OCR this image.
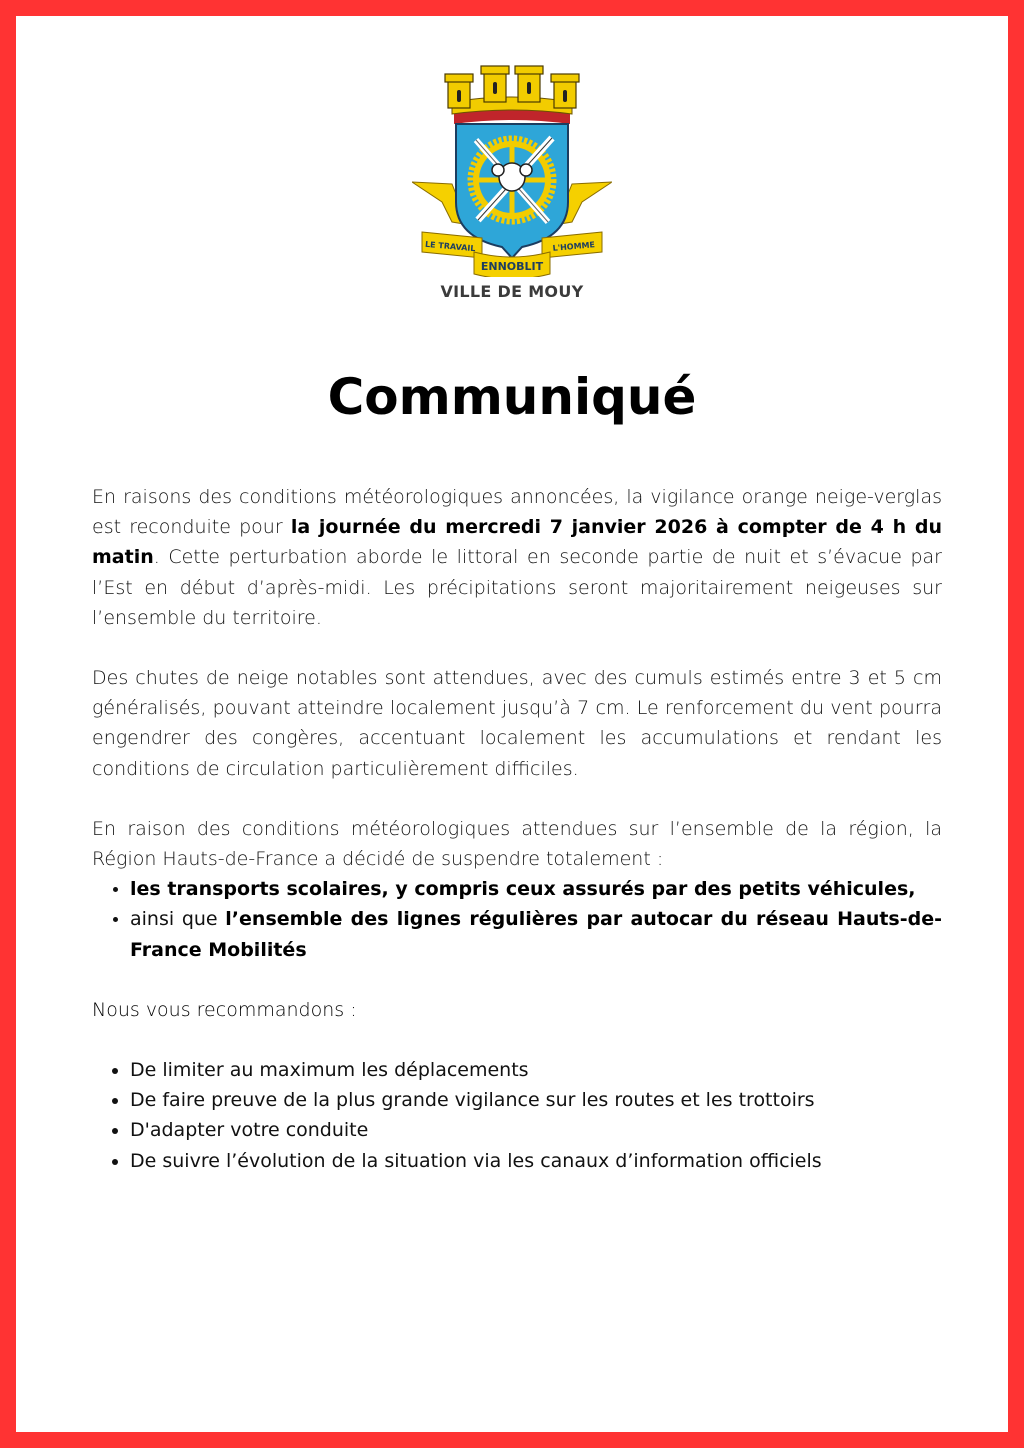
LE TRAVAIL	L'HOMME
ENNOBLIT
VILLE DE MOUY
Communiqué

En raisons des conditions météorologiques annoncées, la vigilance orange neige-verglas est reconduite pour la journée du mercredi 7 janvier 2026 à compter de 4 h du matin. Cette perturbation aborde le littoral en seconde partie de nuit et s’évacue par l’Est en début d’après-midi. Les précipitations seront majoritairement neigeuses sur l’ensemble du territoire.

Des chutes de neige notables sont attendues, avec des cumuls estimés entre 3 et 5 cm généralisés, pouvant atteindre localement jusqu’à 7 cm. Le renforcement du vent pourra engendrer des congères, accentuant localement les accumulations et rendant les conditions de circulation particulièrement difficiles.

En raison des conditions météorologiques attendues sur l’ensemble de la région, la Région Hauts-de-France a décidé de suspendre totalement :

• les transports scolaires, y compris ceux assurés par des petits véhicules,
• ainsi que l’ensemble des lignes régulières par autocar du réseau Hauts-de-France Mobilités

Nous vous recommandons :

• De limiter au maximum les déplacements
• De faire preuve de la plus grande vigilance sur les routes et les trottoirs
• D'adapter votre conduite
• De suivre l’évolution de la situation via les canaux d’information officiels
